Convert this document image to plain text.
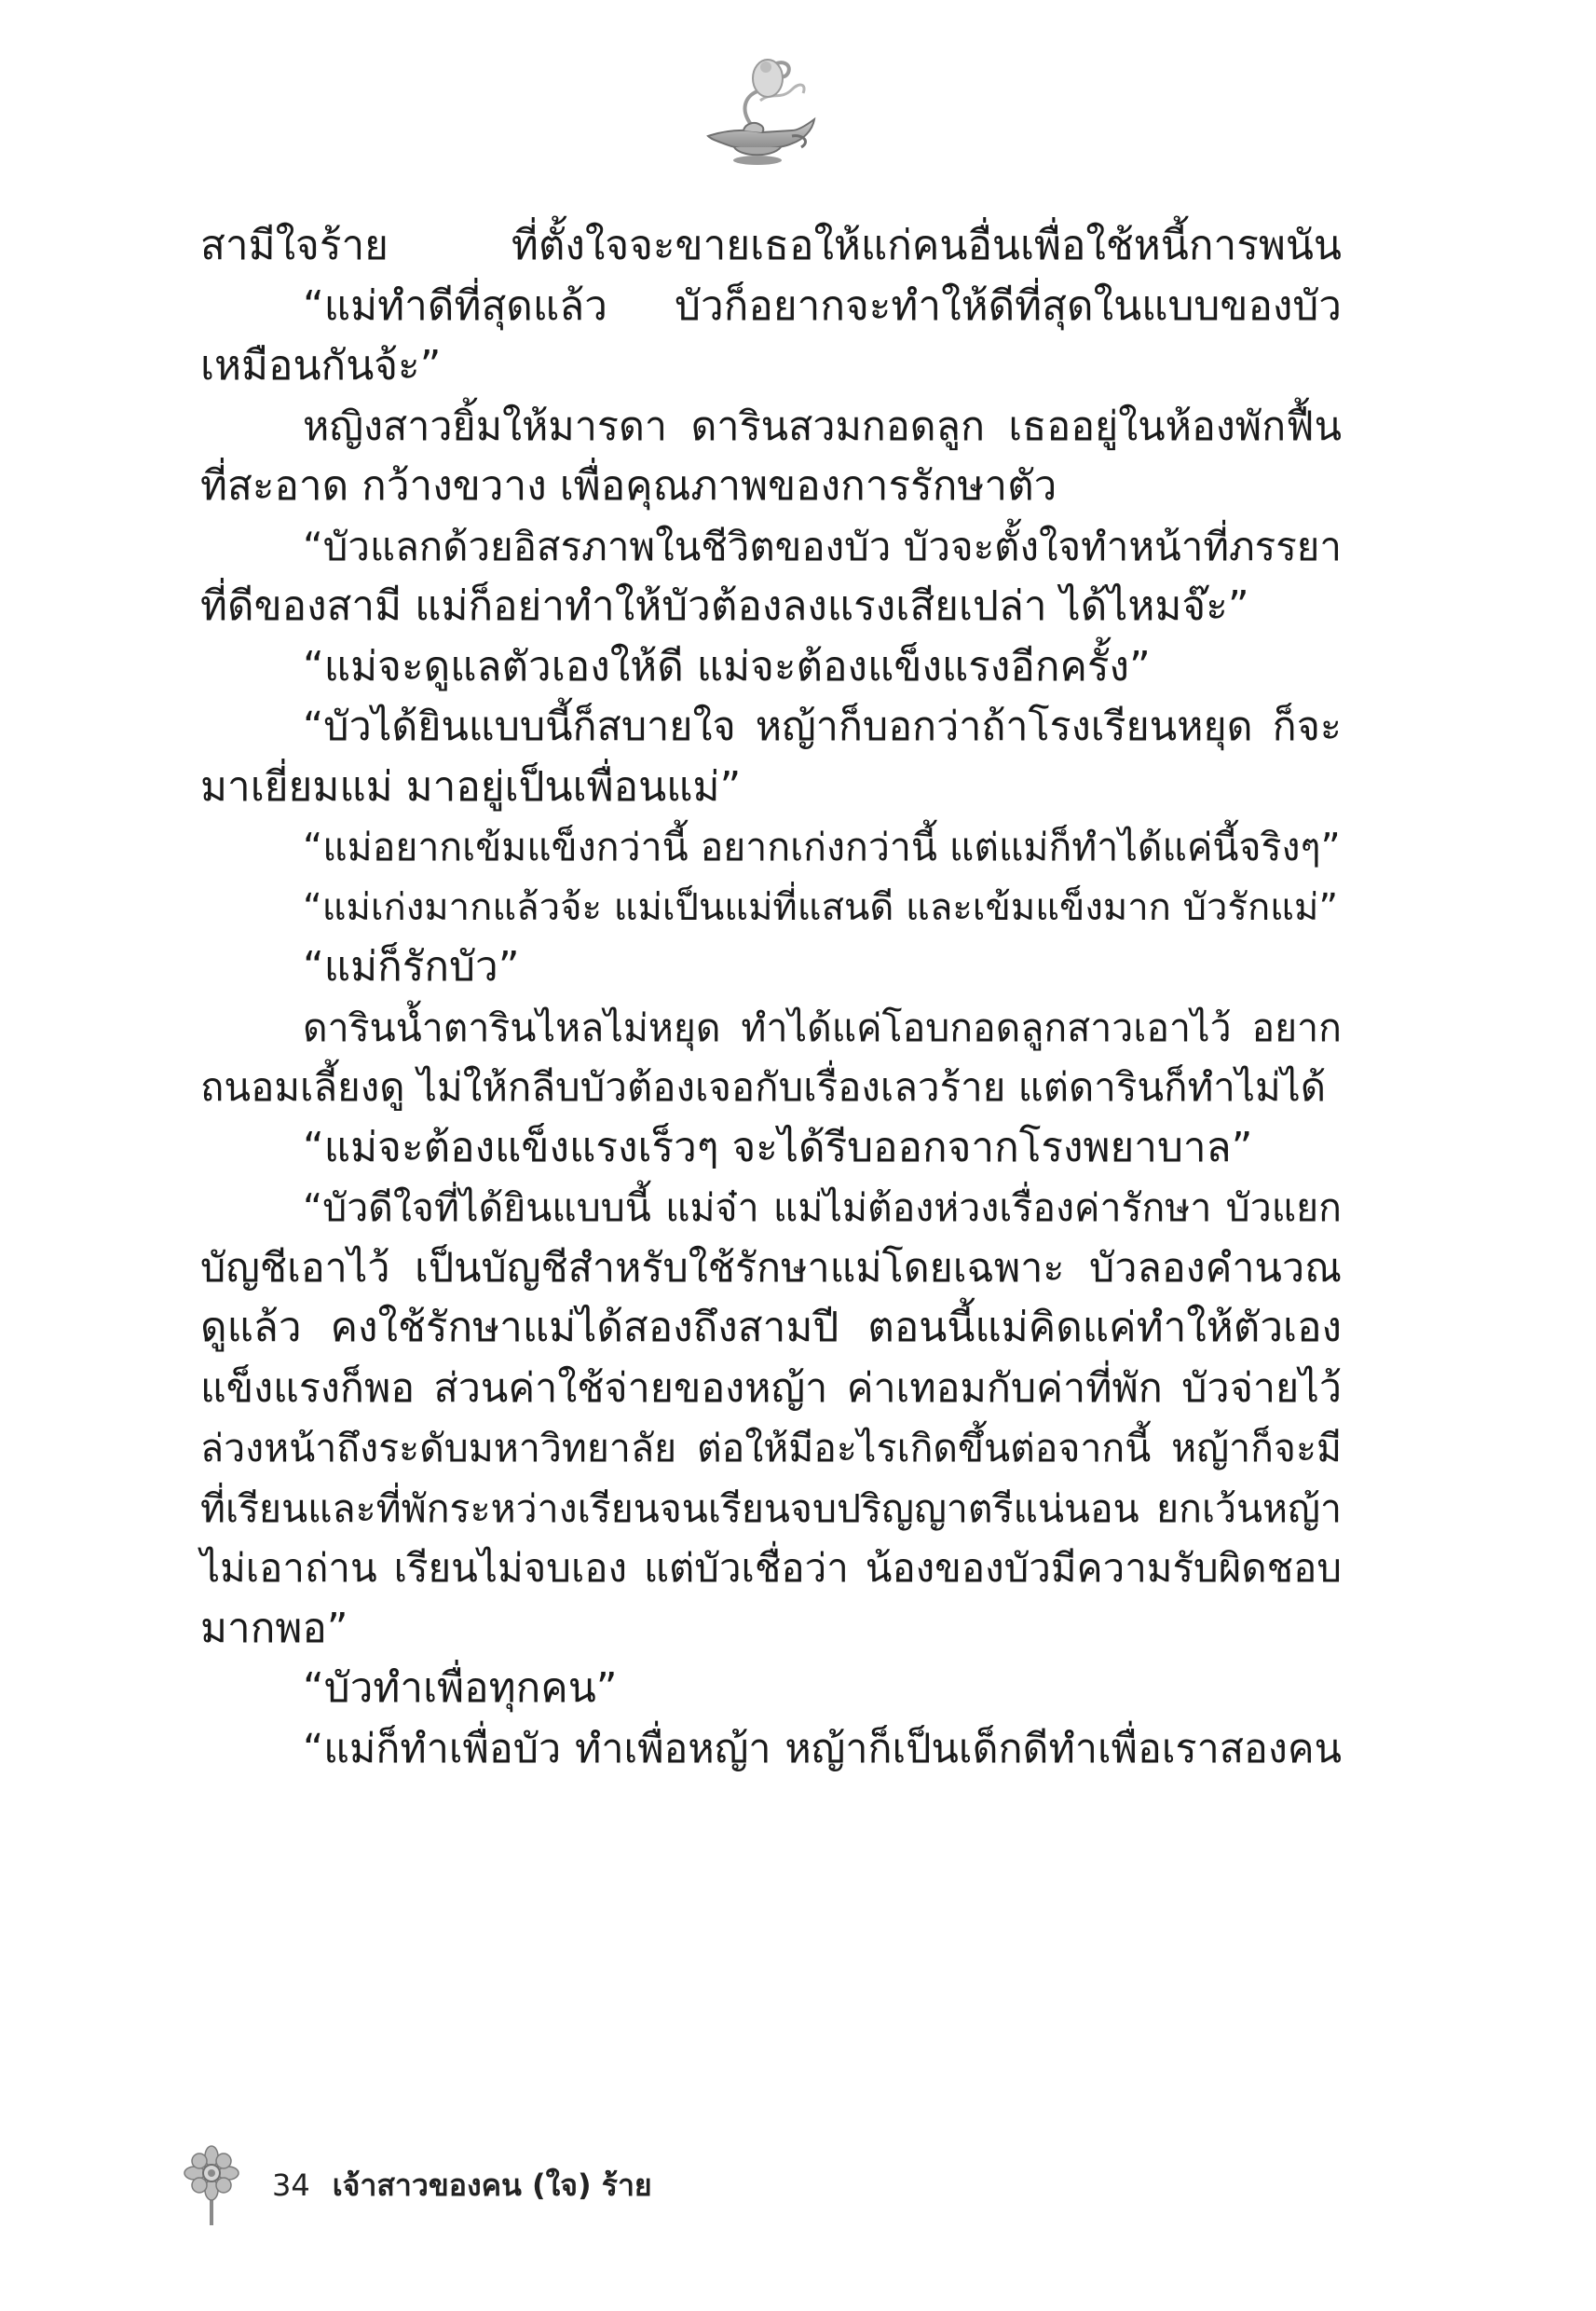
สามีใจร้าย ที่ตั้งใจจะขายเธอให้แก่คนอื่นเพื่อใช้หนี้การพนัน
“แม่ทำดีที่สุดแล้ว บัวก็อยากจะทำให้ดีที่สุดในแบบของบัว
เหมือนกันจ้ะ”
หญิงสาวยิ้มให้มารดา ดารินสวมกอดลูก เธออยู่ในห้องพักฟื้น
ที่สะอาด กว้างขวาง เพื่อคุณภาพของการรักษาตัว
“บัวแลกด้วยอิสรภาพในชีวิตของบัว บัวจะตั้งใจทำหน้าที่ภรรยา
ที่ดีของสามี แม่ก็อย่าทำให้บัวต้องลงแรงเสียเปล่า ได้ไหมจ๊ะ”
“แม่จะดูแลตัวเองให้ดี แม่จะต้องแข็งแรงอีกครั้ง”
“บัวได้ยินแบบนี้ก็สบายใจ หญ้าก็บอกว่าถ้าโรงเรียนหยุด ก็จะ
มาเยี่ยมแม่ มาอยู่เป็นเพื่อนแม่”
“แม่อยากเข้มแข็งกว่านี้ อยากเก่งกว่านี้ แต่แม่ก็ทำได้แค่นี้จริงๆ”
“แม่เก่งมากแล้วจ้ะ แม่เป็นแม่ที่แสนดี และเข้มแข็งมาก บัวรักแม่”
“แม่ก็รักบัว”
ดารินน้ำตารินไหลไม่หยุด ทำได้แค่โอบกอดลูกสาวเอาไว้ อยาก
ถนอมเลี้ยงดู ไม่ให้กลีบบัวต้องเจอกับเรื่องเลวร้าย แต่ดารินก็ทำไม่ได้
“แม่จะต้องแข็งแรงเร็วๆ จะได้รีบออกจากโรงพยาบาล”
“บัวดีใจที่ได้ยินแบบนี้ แม่จ๋า แม่ไม่ต้องห่วงเรื่องค่ารักษา บัวแยก
บัญชีเอาไว้ เป็นบัญชีสำหรับใช้รักษาแม่โดยเฉพาะ บัวลองคำนวณ
ดูแล้ว คงใช้รักษาแม่ได้สองถึงสามปี ตอนนี้แม่คิดแค่ทำให้ตัวเอง
แข็งแรงก็พอ ส่วนค่าใช้จ่ายของหญ้า ค่าเทอมกับค่าที่พัก บัวจ่ายไว้
ล่วงหน้าถึงระดับมหาวิทยาลัย ต่อให้มีอะไรเกิดขึ้นต่อจากนี้ หญ้าก็จะมี
ที่เรียนและที่พักระหว่างเรียนจนเรียนจบปริญญาตรีแน่นอน ยกเว้นหญ้า
ไม่เอาถ่าน เรียนไม่จบเอง แต่บัวเชื่อว่า น้องของบัวมีความรับผิดชอบ
มากพอ”
“บัวทำเพื่อทุกคน”
“แม่ก็ทำเพื่อบัว ทำเพื่อหญ้า หญ้าก็เป็นเด็กดีทำเพื่อเราสองคน
34 เจ้าสาวของคน (ใจ) ร้าย
